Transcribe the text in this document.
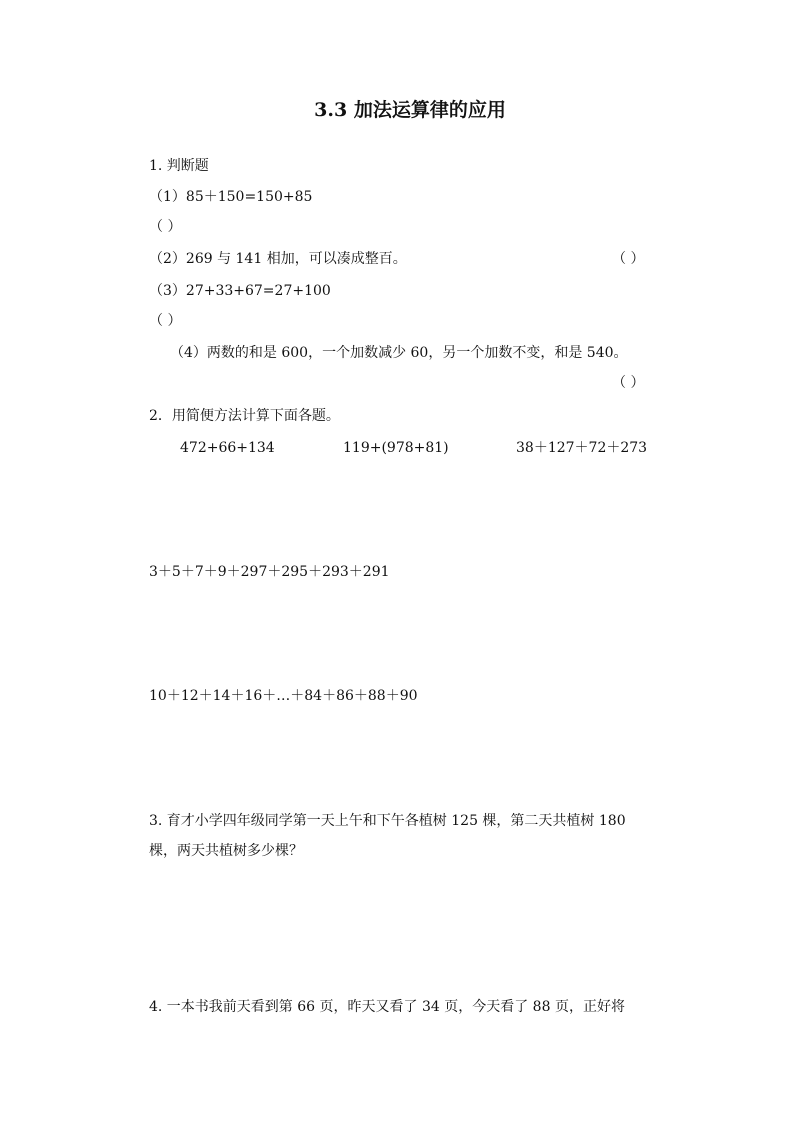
3.3 加法运算律的应用
1. 判断题
（1）85＋150=150+85
（ ）
（2）269 与 141 相加，可以凑成整百。	（ ）
（3）27+33+67=27+100
（ ）
（4）两数的和是 600，一个加数减少 60，另一个加数不变，和是 540。
（ ）
2．用简便方法计算下面各题。
472+66+134	119+(978+81)	38＋127＋72＋273
3＋5＋7＋9＋297＋295＋293＋291
10＋12＋14＋16＋…＋84＋86＋88＋90
3. 育才小学四年级同学第一天上午和下午各植树 125 棵，第二天共植树 180
棵，两天共植树多少棵？
4. 一本书我前天看到第 66 页，昨天又看了 34 页，今天看了 88 页，正好将
